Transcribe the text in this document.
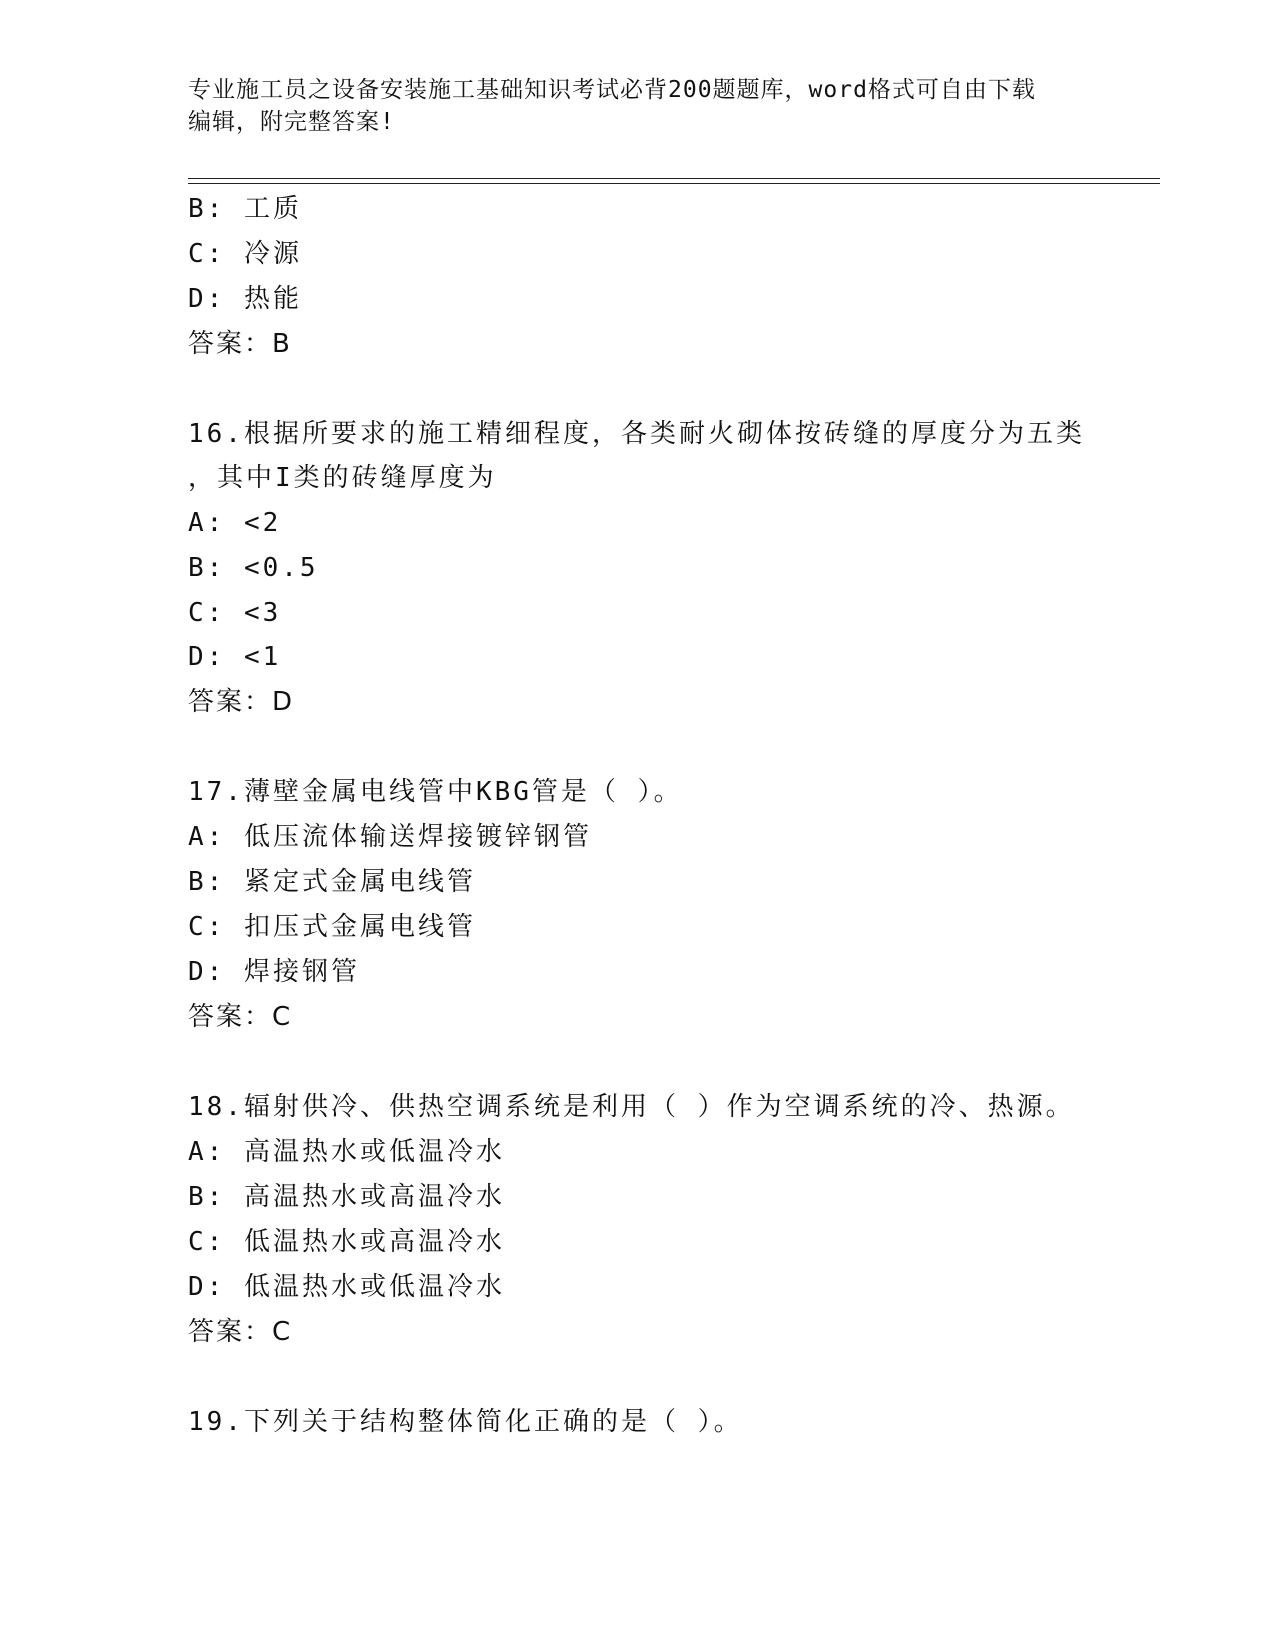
专业施工员之设备安装施工基础知识考试必背200题题库，word格式可自由下载
编辑，附完整答案!
B: 工质
C: 冷源
D: 热能
答案：B
16.根据所要求的施工精细程度，各类耐火砌体按砖缝的厚度分为五类
，其中I类的砖缝厚度为
A: <2
B: <0.5
C: <3
D: <1
答案：D
17.薄壁金属电线管中KBG管是（ ）。
A: 低压流体输送焊接镀锌钢管
B: 紧定式金属电线管
C: 扣压式金属电线管
D: 焊接钢管
答案：C
18.辐射供冷、供热空调系统是利用（ ）作为空调系统的冷、热源。
A: 高温热水或低温冷水
B: 高温热水或高温冷水
C: 低温热水或高温冷水
D: 低温热水或低温冷水
答案：C
19.下列关于结构整体简化正确的是（ ）。
